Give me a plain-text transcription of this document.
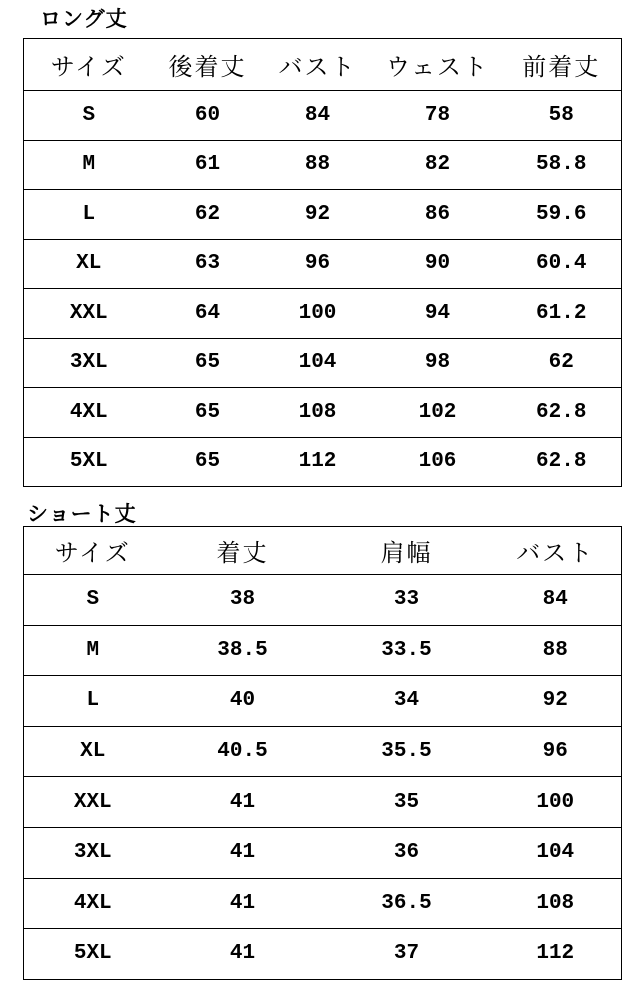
ロング丈
サイズ	後着丈	バスト	ウェスト	前着丈
S	60	84	78	58
M	61	88	82	58.8
L	62	92	86	59.6
XL	63	96	90	60.4
XXL	64	100	94	61.2
3XL	65	104	98	62
4XL	65	108	102	62.8
5XL	65	112	106	62.8
ショート丈
サイズ	着丈	肩幅	バスト
S	38	33	84
M	38.5	33.5	88
L	40	34	92
XL	40.5	35.5	96
XXL	41	35	100
3XL	41	36	104
4XL	41	36.5	108
5XL	41	37	112
